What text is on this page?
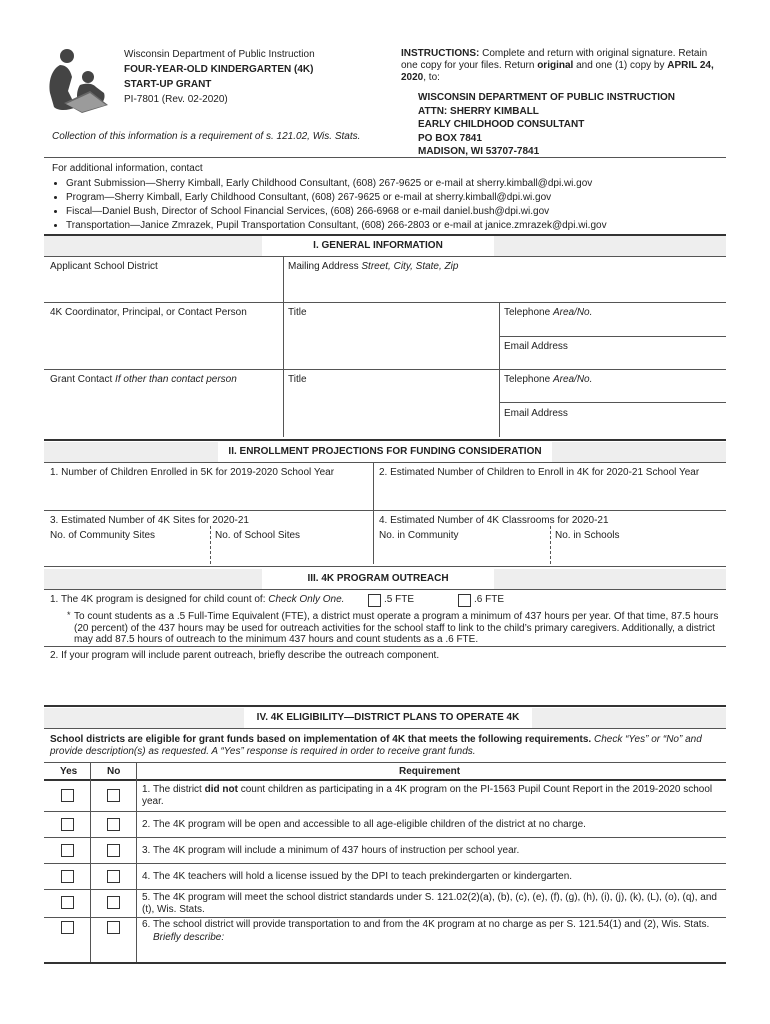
Wisconsin Department of Public Instruction
FOUR-YEAR-OLD KINDERGARTEN (4K)
START-UP GRANT
PI-7801 (Rev. 02-2020)
Collection of this information is a requirement of s. 121.02, Wis. Stats.
INSTRUCTIONS: Complete and return with original signature. Retain one copy for your files. Return original and one (1) copy by APRIL 24, 2020, to:
WISCONSIN DEPARTMENT OF PUBLIC INSTRUCTION
ATTN: SHERRY KIMBALL
EARLY CHILDHOOD CONSULTANT
PO BOX 7841
MADISON, WI 53707-7841
For additional information, contact
• Grant Submission—Sherry Kimball, Early Childhood Consultant, (608) 267-9625 or e-mail at sherry.kimball@dpi.wi.gov
• Program—Sherry Kimball, Early Childhood Consultant, (608) 267-9625 or e-mail at sherry.kimball@dpi.wi.gov
• Fiscal—Daniel Bush, Director of School Financial Services, (608) 266-6968 or e-mail daniel.bush@dpi.wi.gov
• Transportation—Janice Zmrazek, Pupil Transportation Consultant, (608) 266-2803 or e-mail at janice.zmrazek@dpi.wi.gov
I. GENERAL INFORMATION
Applicant School District	Mailing Address Street, City, State, Zip
4K Coordinator, Principal, or Contact Person	Title	Telephone Area/No.
Email Address
Grant Contact If other than contact person	Title	Telephone Area/No.
Email Address
II. ENROLLMENT PROJECTIONS FOR FUNDING CONSIDERATION
1. Number of Children Enrolled in 5K for 2019-2020 School Year	2. Estimated Number of Children to Enroll in 4K for 2020-21 School Year
3. Estimated Number of 4K Sites for 2020-21
No. of Community Sites	No. of School Sites
4. Estimated Number of 4K Classrooms for 2020-21
No. in Community	No. in Schools
III. 4K PROGRAM OUTREACH
1. The 4K program is designed for child count of: Check Only One.	.5 FTE	.6 FTE
* To count students as a .5 Full-Time Equivalent (FTE), a district must operate a program a minimum of 437 hours per year. Of that time, 87.5 hours (20 percent) of the 437 hours may be used for outreach activities for the school staff to link to the child’s primary caregivers. Additionally, a district may add 87.5 hours of outreach to the minimum 437 hours and count students as a .6 FTE.
2. If your program will include parent outreach, briefly describe the outreach component.
IV. 4K ELIGIBILITY—DISTRICT PLANS TO OPERATE 4K
School districts are eligible for grant funds based on implementation of 4K that meets the following requirements. Check “Yes” or “No” and provide description(s) as requested. A “Yes” response is required in order to receive grant funds.
Yes	No	Requirement
1. The district did not count children as participating in a 4K program on the PI-1563 Pupil Count Report in the 2019-2020 school year.
2. The 4K program will be open and accessible to all age-eligible children of the district at no charge.
3. The 4K program will include a minimum of 437 hours of instruction per school year.
4. The 4K teachers will hold a license issued by the DPI to teach prekindergarten or kindergarten.
5. The 4K program will meet the school district standards under S. 121.02(2)(a), (b), (c), (e), (f), (g), (h), (i), (j), (k), (L), (o), (q), and (t), Wis. Stats.
6. The school district will provide transportation to and from the 4K program at no charge as per S. 121.54(1) and (2), Wis. Stats.
Briefly describe:
